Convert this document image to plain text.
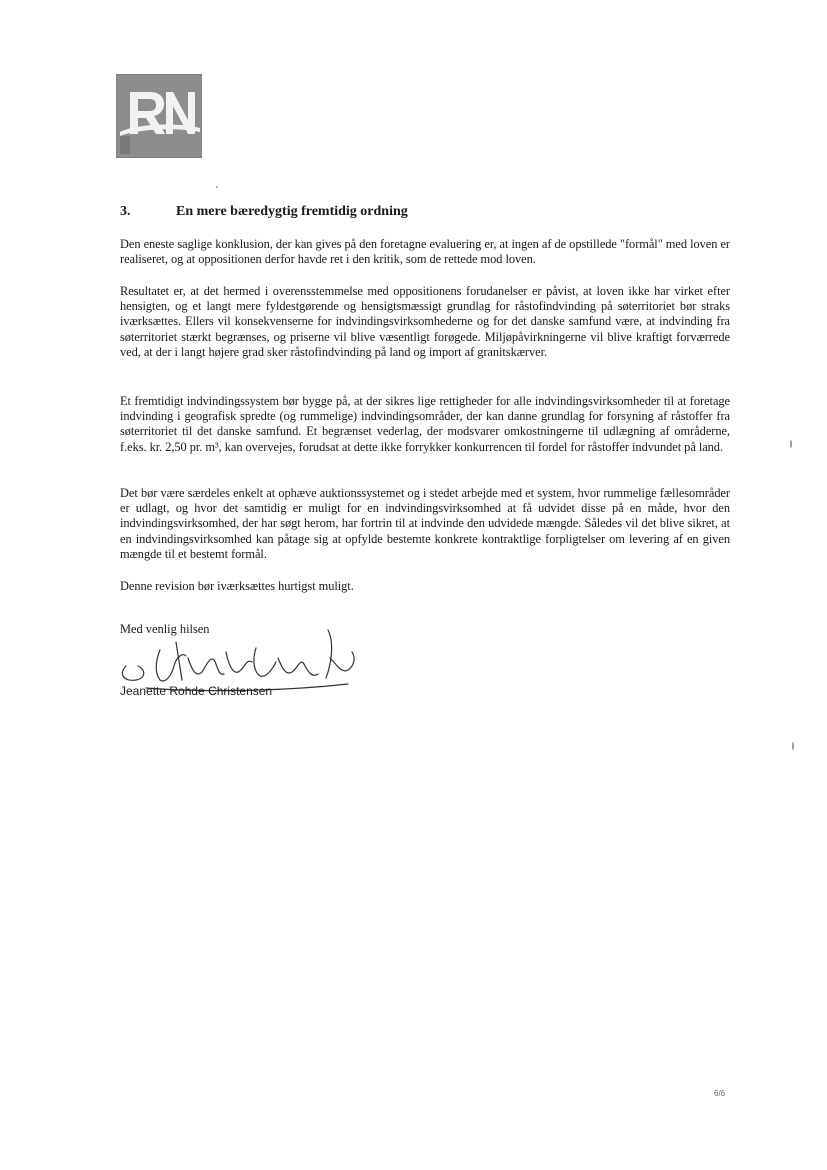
3.	En mere bæredygtig fremtidig ordning

Den eneste saglige konklusion, der kan gives på den foretagne evaluering er, at ingen af de opstillede "formål" med loven er realiseret, og at oppositionen derfor havde ret i den kritik, som de rettede mod loven.

Resultatet er, at det hermed i overensstemmelse med oppositionens forudanelser er påvist, at loven ikke har virket efter hensigten, og et langt mere fyldestgørende og hensigtsmæssigt grundlag for råstofindvinding på søterritoriet bør straks iværksættes. Ellers vil konsekvenserne for indvindingsvirksomhederne og for det danske samfund være, at indvinding fra søterritoriet stærkt begrænses, og priserne vil blive væsentligt forøgede. Miljøpåvirkningerne vil blive kraftigt forværrede ved, at der i langt højere grad sker råstofindvinding på land og import af granitskærver.

Et fremtidigt indvindingssystem bør bygge på, at der sikres lige rettigheder for alle indvindingsvirksomheder til at foretage indvinding i geografisk spredte (og rummelige) indvindingsområder, der kan danne grundlag for forsyning af råstoffer fra søterritoriet til det danske samfund. Et begrænset vederlag, der modsvarer omkostningerne til udlægning af områderne, f.eks. kr. 2,50 pr. m³, kan overvejes, forudsat at dette ikke forrykker konkurrencen til fordel for råstoffer indvundet på land.

Det bør være særdeles enkelt at ophæve auktionssystemet og i stedet arbejde med et system, hvor rummelige fællesområder er udlagt, og hvor det samtidig er muligt for en indvindingsvirksomhed at få udvidet disse på en måde, hvor den indvindingsvirksomhed, der har søgt herom, har fortrin til at indvinde den udvidede mængde. Således vil det blive sikret, at en indvindingsvirksomhed kan påtage sig at opfylde bestemte konkrete kontraktlige forpligtelser om levering af en given mængde til et bestemt formål.

Denne revision bør iværksættes hurtigst muligt.

Med venlig hilsen
Jeanette Rohde Christensen
6/6
